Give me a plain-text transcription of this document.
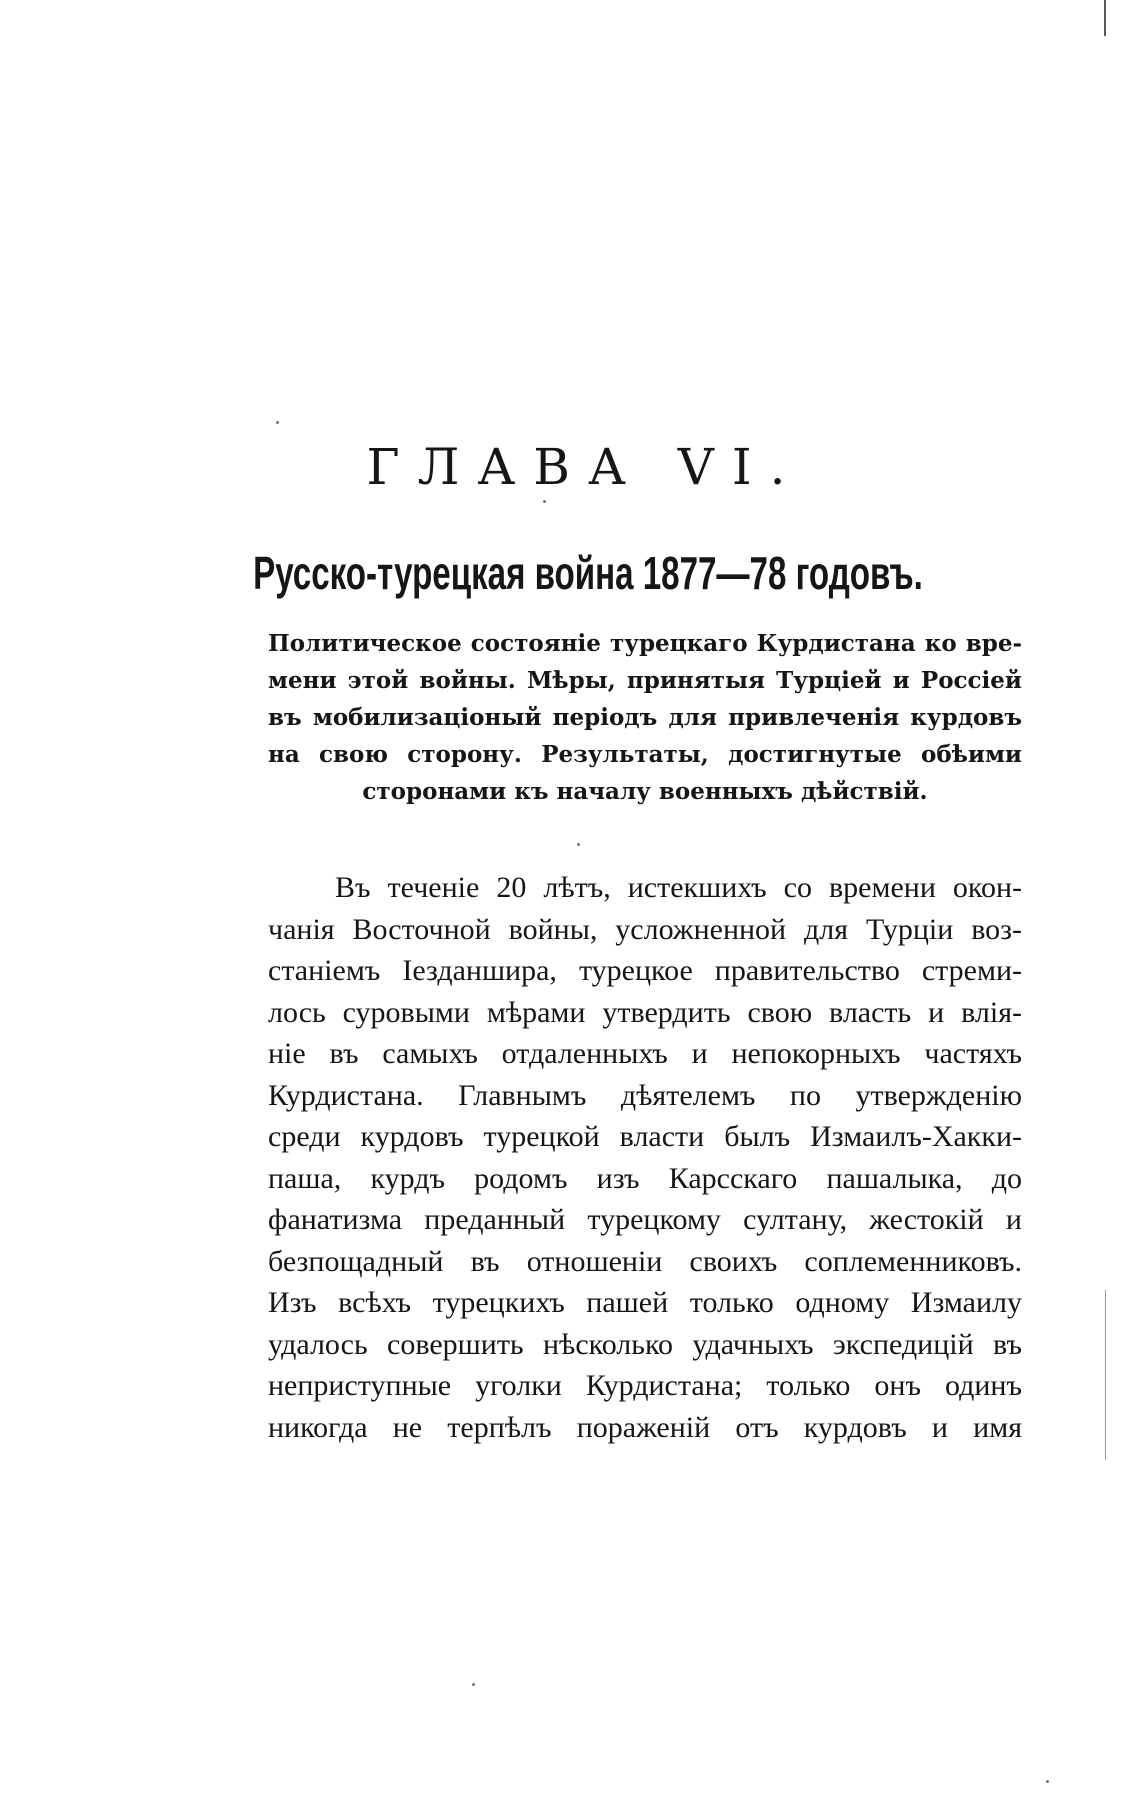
ГЛАВА VI.
Русско-турецкая война 1877—78 годовъ.
Политическое состояніе турецкаго Курдистана ко вре-
мени этой войны. Мѣры, принятыя Турціей и Россіей
въ мобилизаціоный періодъ для привлеченія курдовъ
на свою сторону. Результаты, достигнутые обѣими
сторонами къ началу военныхъ дѣйствій.
Въ теченіе 20 лѣтъ, истекшихъ со времени окон-
чанія Восточной войны, усложненной для Турціи воз-
станіемъ Іезданшира, турецкое правительство стреми-
лось суровыми мѣрами утвердить свою власть и влія-
ніе въ самыхъ отдаленныхъ и непокорныхъ частяхъ
Курдистана. Главнымъ дѣятелемъ по утвержденію
среди курдовъ турецкой власти былъ Измаилъ-Хакки-
паша, курдъ родомъ изъ Карсскаго пашалыка, до
фанатизма преданный турецкому султану, жестокій и
безпощадный въ отношеніи своихъ соплеменниковъ.
Изъ всѣхъ турецкихъ пашей только одному Измаилу
удалось совершить нѣсколько удачныхъ экспедицій въ
неприступные уголки Курдистана; только онъ одинъ
никогда не терпѣлъ пораженій отъ курдовъ и имя
